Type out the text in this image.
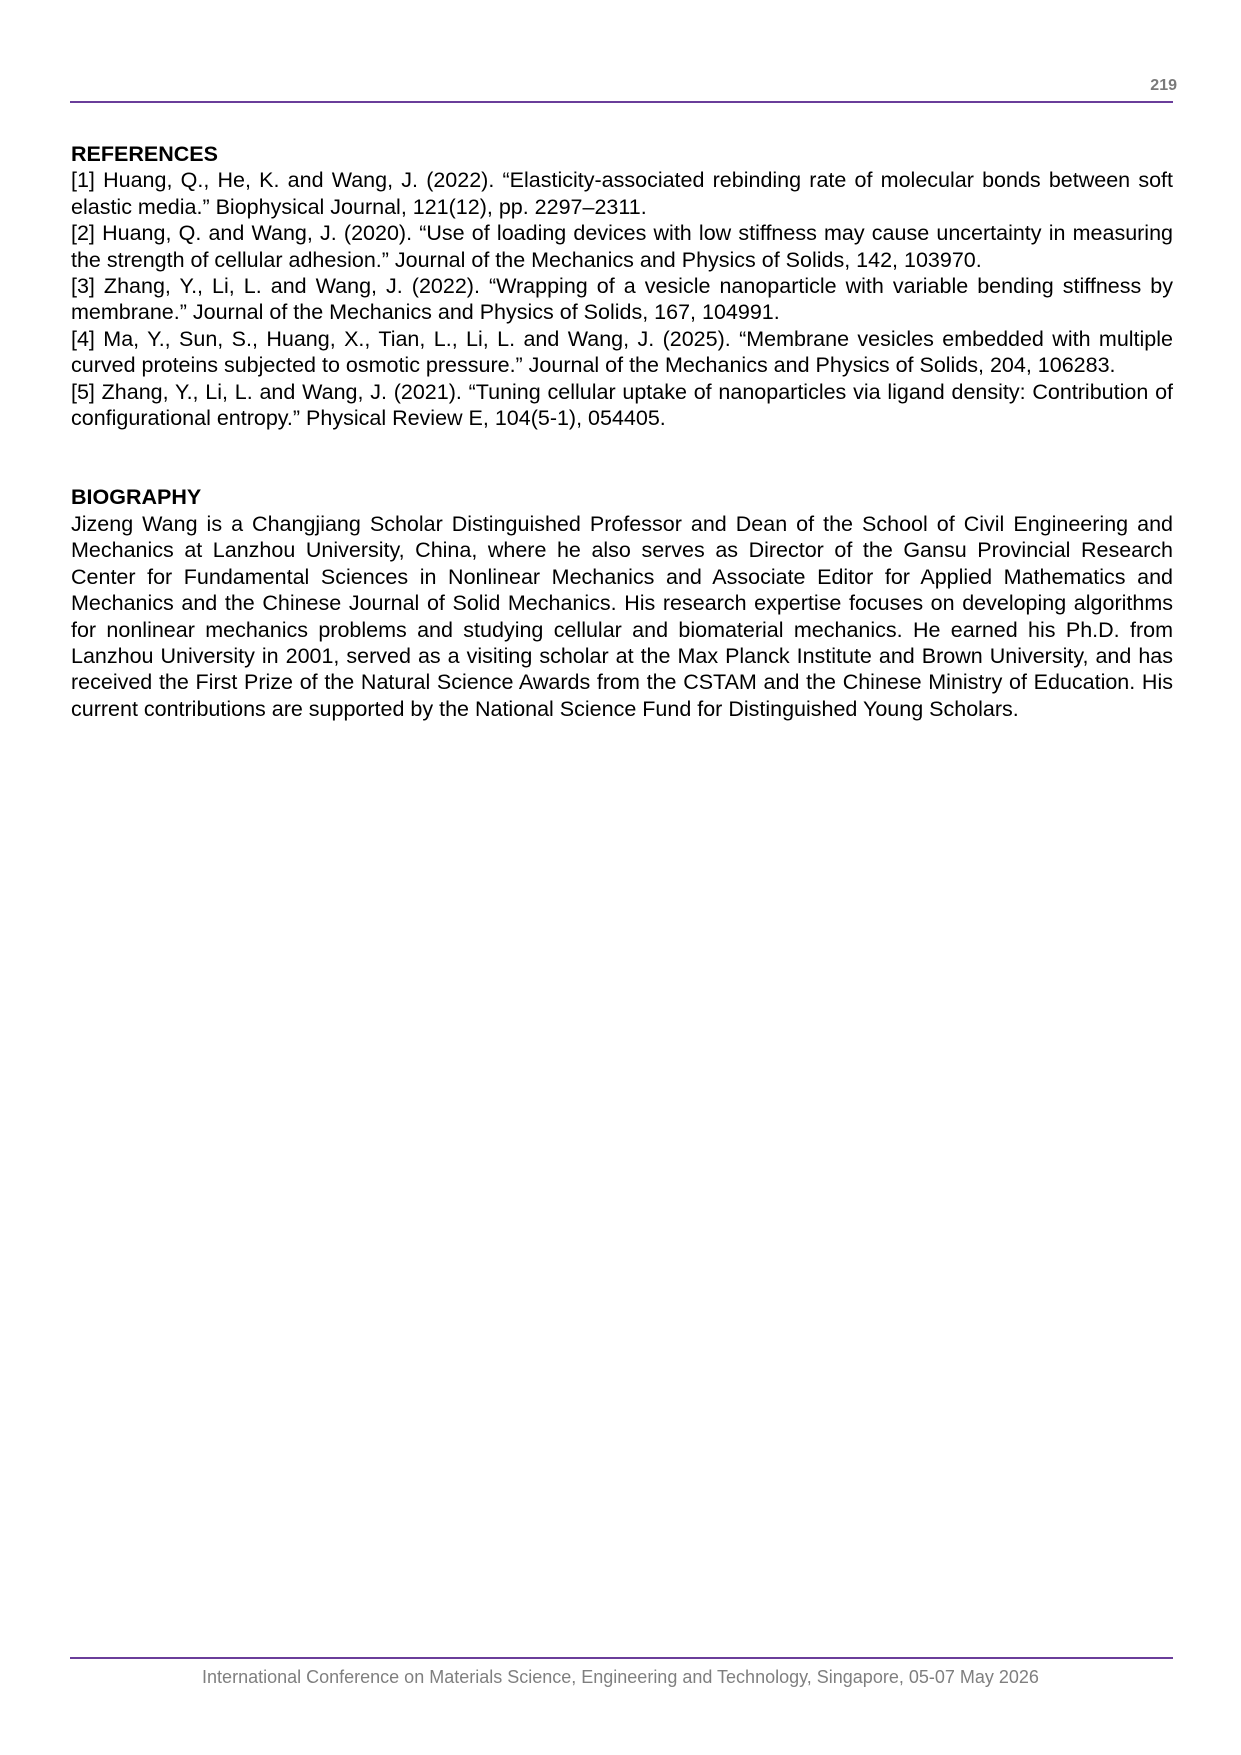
219

REFERENCES

[1] Huang, Q., He, K. and Wang, J. (2022). “Elasticity-associated rebinding rate of molecular bonds between soft elastic media.” Biophysical Journal, 121(12), pp. 2297–2311.

[2] Huang, Q. and Wang, J. (2020). “Use of loading devices with low stiffness may cause uncertainty in measuring the strength of cellular adhesion.” Journal of the Mechanics and Physics of Solids, 142, 103970.

[3] Zhang, Y., Li, L. and Wang, J. (2022). “Wrapping of a vesicle nanoparticle with variable bending stiffness by membrane.” Journal of the Mechanics and Physics of Solids, 167, 104991.

[4] Ma, Y., Sun, S., Huang, X., Tian, L., Li, L. and Wang, J. (2025). “Membrane vesicles embedded with multiple curved proteins subjected to osmotic pressure.” Journal of the Mechanics and Physics of Solids, 204, 106283.

[5] Zhang, Y., Li, L. and Wang, J. (2021). “Tuning cellular uptake of nanoparticles via ligand density: Contribution of configurational entropy.” Physical Review E, 104(5-1), 054405.

BIOGRAPHY

Jizeng Wang is a Changjiang Scholar Distinguished Professor and Dean of the School of Civil Engineering and Mechanics at Lanzhou University, China, where he also serves as Director of the Gansu Provincial Research Center for Fundamental Sciences in Nonlinear Mechanics and Associate Editor for Applied Mathematics and Mechanics and the Chinese Journal of Solid Mechanics. His research expertise focuses on developing algorithms for nonlinear mechanics problems and studying cellular and biomaterial mechanics. He earned his Ph.D. from Lanzhou University in 2001, served as a visiting scholar at the Max Planck Institute and Brown University, and has received the First Prize of the Natural Science Awards from the CSTAM and the Chinese Ministry of Education. His current contributions are supported by the National Science Fund for Distinguished Young Scholars.

International Conference on Materials Science, Engineering and Technology, Singapore, 05-07 May 2026
